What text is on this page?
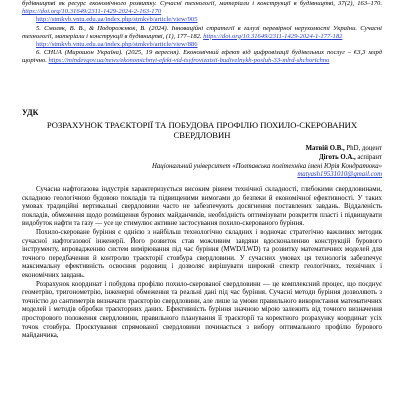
будівництві як ресурс економічного розвитку. Сучасні технології, матеріали і конструкції в будівництві, 37(2), 163–170. https://doi.org/10.31649/2311-1429-2024-2-163-170

http://stmkvb.vntu.edu.ua/index.php/stmkvb/article/view/905

5. Смоляк, В. В., & Подорожнюк, В. (2024). Інноваційні стратегії в галузі перевірної нерухомості України. Сучасні технології, матеріали і конструкції в будівництві, (1), 177–182. https://doi.org/10.31649/2311-1429-2024-1-177-182

http://stmkvb.vntu.edu.ua/index.php/stmkvb/article/view/886

6. CHUA (Мирошон Україна). (2025, 19 вересня). Економічний ефект від цифровізації будівельних послуг – €3,3 млрд щорічно. https://mindevgov.ua/news/ekonomichnyi-efekt-vid-tsyfrovizatsii-budivelnykh-posluh-33-mlrd-shchorichno

УДК
РОЗРАХУНОК ТРАЄКТОРІЇ ТА ПОБУДОВА ПРОФІЛЮ ПОХИЛО-СКЕРОВАНИХ СВЕРДЛОВИН
Матвій О.В., PhD, доцент
Діготь О.А., аспірант
Національний університет «Полтавська політехніка імені Юрія Кондратюка»
matyash19531010@gmail.com

Сучасна нафтогазова індустрія характеризується високим рівнем технічної складності, глибокими свердловинами, складною геологічною будовою покладів та підвищеними вимогами до безпеки й економічної ефективності. У таких умовах традиційні вертикальні свердловини часто не забезпечують досягнення поставлених завдань. Віддаленість покладів, обмеження щодо розміщення бурових майданчиків, необхідність оптимізувати розкриття пласті і підвищувати видобуток нафти та газу — усе це стимулює активне застосування похило-скерованого буріння.

Похило-скероване буріння є однією з найбільш технологічно складних і водночас стратегічно важливих методик сучасної нафтогазової інженерії. Його розвиток став можливим завдяки вдосконаленню конструкцій бурового інструменту, впровадженню систем вимірювання під час буріння (MWD/LWD) та розвитку математичних моделей для точного передбачення й контролю траєкторії стовбура свердловини. У сучасних умовах ця технологія забезпечує максимальну ефективність освоєння родовищ і дозволяє вирішувати широкий спектр геологічних, технічних і економічних завдань.

Розрахунок координат і побудова профілю похило-скерованої свердловини — це комплексний процес, що поєднує геометрію, тригонометрію, інженерні обмеження та реальні дані під час буріння. Сучасні методи буріння дозволяють з точністю до сантиметрів визначати траєкторію свердловини, але лише за умови правильного використання математичних моделей і методів обробки траєкторних даних. Ефективність буріння значною мірою залежить від точного визначення просторового положення свердловини, правильного планування її траєкторії та коректного розрахунку координат усіх точок стовбура. Проєктування спрямованої свердловини починається з вибору оптимального профілю бурового майданчика,
